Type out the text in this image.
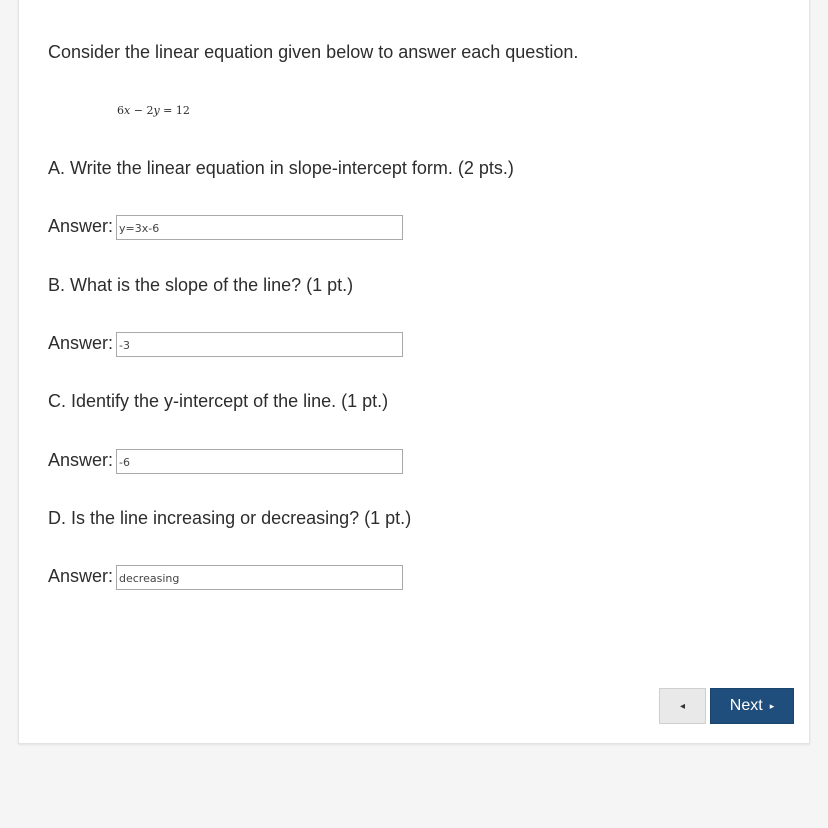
Consider the linear equation given below to answer each question.

6x − 2y = 12

A. Write the linear equation in slope-intercept form. (2 pts.)

Answer:
y=3x-6

B. What is the slope of the line? (1 pt.)

Answer:
-3

C. Identify the y-intercept of the line. (1 pt.)

Answer:
-6

D. Is the line increasing or decreasing? (1 pt.)

Answer:
decreasing
◂	Next ▸
